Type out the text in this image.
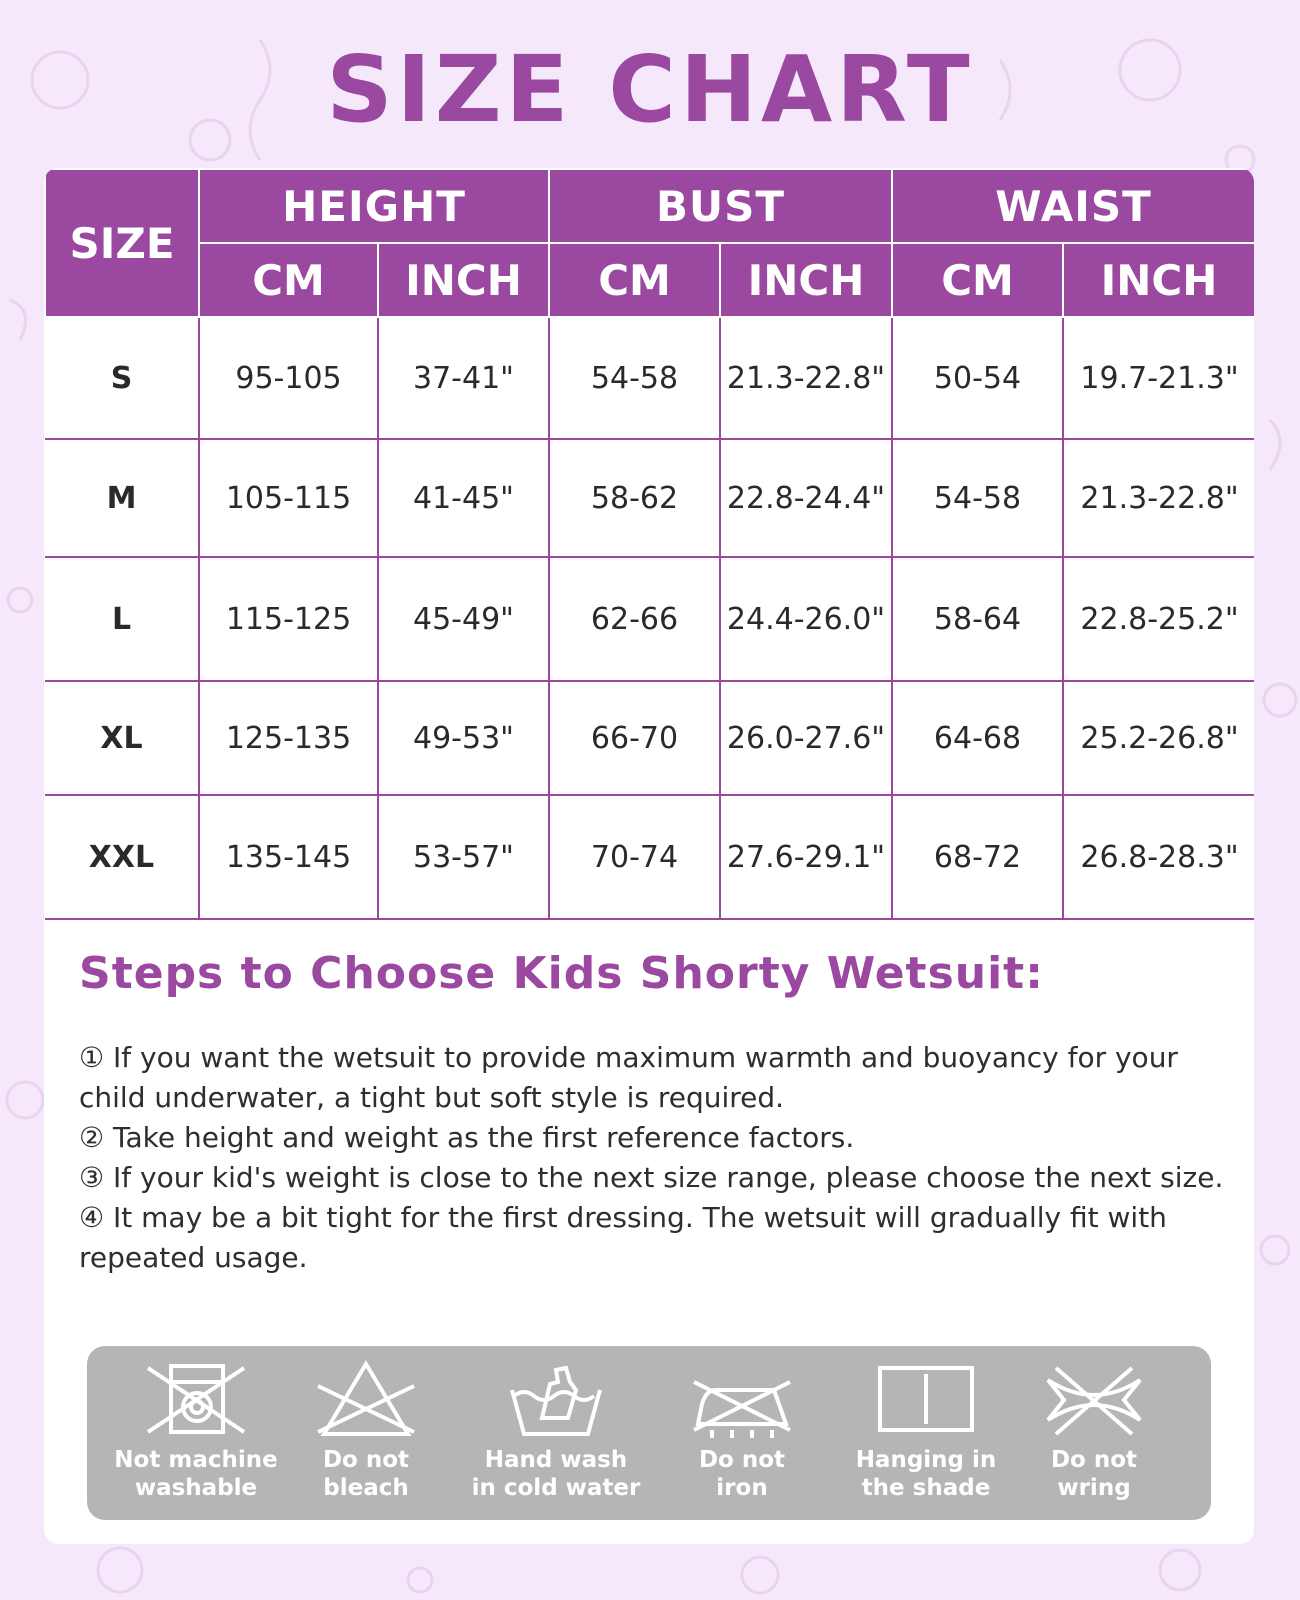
SIZE CHART
SIZE	HEIGHT		BUST		WAIST	
	CM	INCH	CM	INCH	CM	INCH
S	95-105	37-41"	54-58	21.3-22.8"	50-54	19.7-21.3"
M	105-115	41-45"	58-62	22.8-24.4"	54-58	21.3-22.8"
L	115-125	45-49"	62-66	24.4-26.0"	58-64	22.8-25.2"
XL	125-135	49-53"	66-70	26.0-27.6"	64-68	25.2-26.8"
XXL	135-145	53-57"	70-74	27.6-29.1"	68-72	26.8-28.3"
Steps to Choose Kids Shorty Wetsuit:

① If you want the wetsuit to provide maximum warmth and buoyancy for your child underwater, a tight but soft style is required.

② Take height and weight as the first reference factors.

③ If your kid's weight is close to the next size range, please choose the next size.

④ It may be a bit tight for the first dressing. The wetsuit will gradually fit with repeated usage.

Not machine
washable
Do not
bleach
Hand wash
in cold water
Do not
iron
Hanging in
the shade
Do not
wring
